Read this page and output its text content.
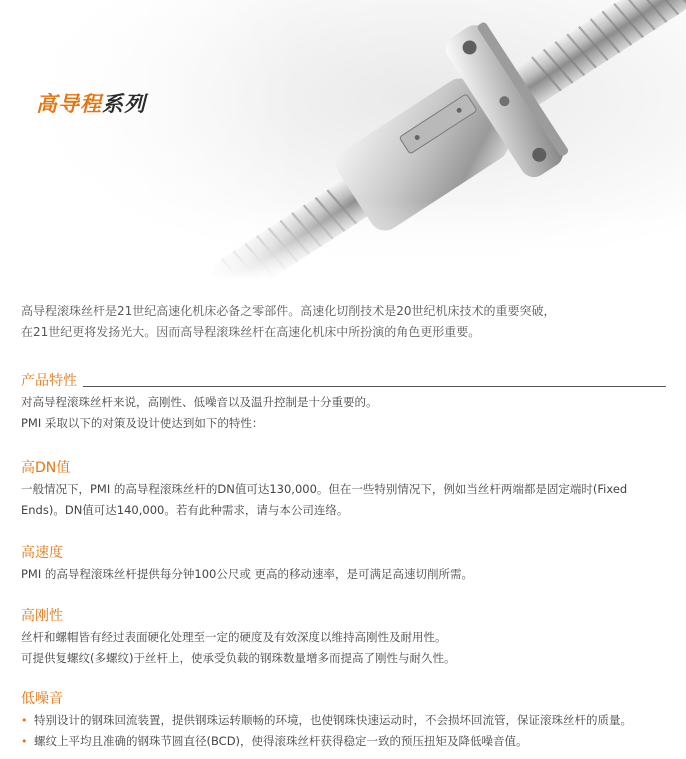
高导程系列

高导程滚珠丝杆是21世纪高速化机床必备之零部件。高速化切削技术是20世纪机床技术的重要突破，

在21世纪更将发扬光大。因而高导程滚珠丝杆在高速化机床中所扮演的角色更形重要。

产品特性

对高导程滚珠丝杆来说，高刚性、低噪音以及温升控制是十分重要的。

PMI 采取以下的对策及设计使达到如下的特性：

高DN值

一般情况下，PMI 的高导程滚珠丝杆的DN值可达130,000。但在一些特别情况下，例如当丝杆两端都是固定端时(Fixed

Ends)。DN值可达140,000。若有此种需求，请与本公司连络。

高速度

PMI 的高导程滚珠丝杆提供每分钟100公尺或 更高的移动速率，是可满足高速切削所需。

高刚性

丝杆和螺帽皆有经过表面硬化处理至一定的硬度及有效深度以维持高刚性及耐用性。

可提供复螺纹(多螺纹)于丝杆上，使承受负载的钢珠数量增多而提高了刚性与耐久性。

低噪音
• 特别设计的钢珠回流装置，提供钢珠运转顺畅的环境，也使钢珠快速运动时，不会损坏回流管，保证滚珠丝杆的质量。
• 螺纹上平均且准确的钢珠节圆直径(BCD)，使得滚珠丝杆获得稳定一致的预压扭矩及降低噪音值。
